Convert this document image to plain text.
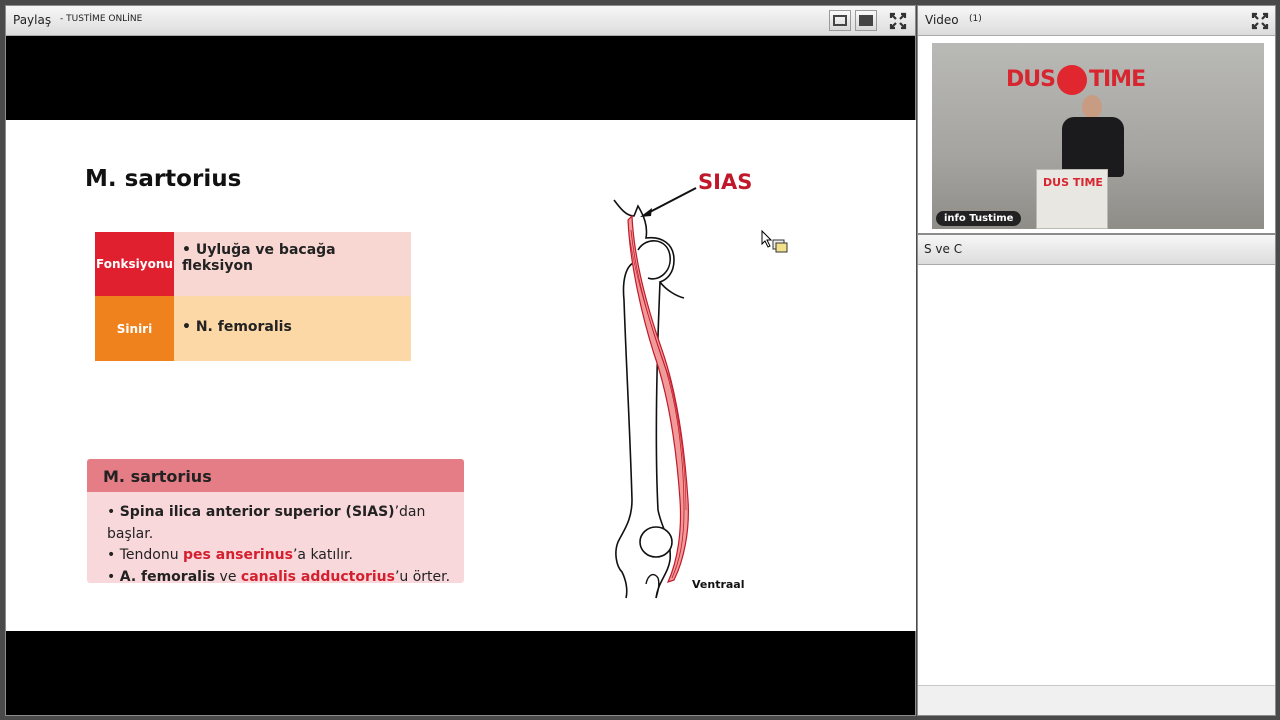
Paylaş - TUSTİME ONLİNE
M. sartorius
Fonksiyonu
• Uyluğa ve bacağa fleksiyon
Siniri	• N. femoralis
M. sartorius
• Spina ilica anterior superior (SIAS)’dan başlar.
• Tendonu pes anserinus’a katılır.
• A. femoralis ve canalis adductorius’u örter.
SIAS
Ventraal
Video (1)
DUS TIME
DUS TIME
info Tustime
S ve C
